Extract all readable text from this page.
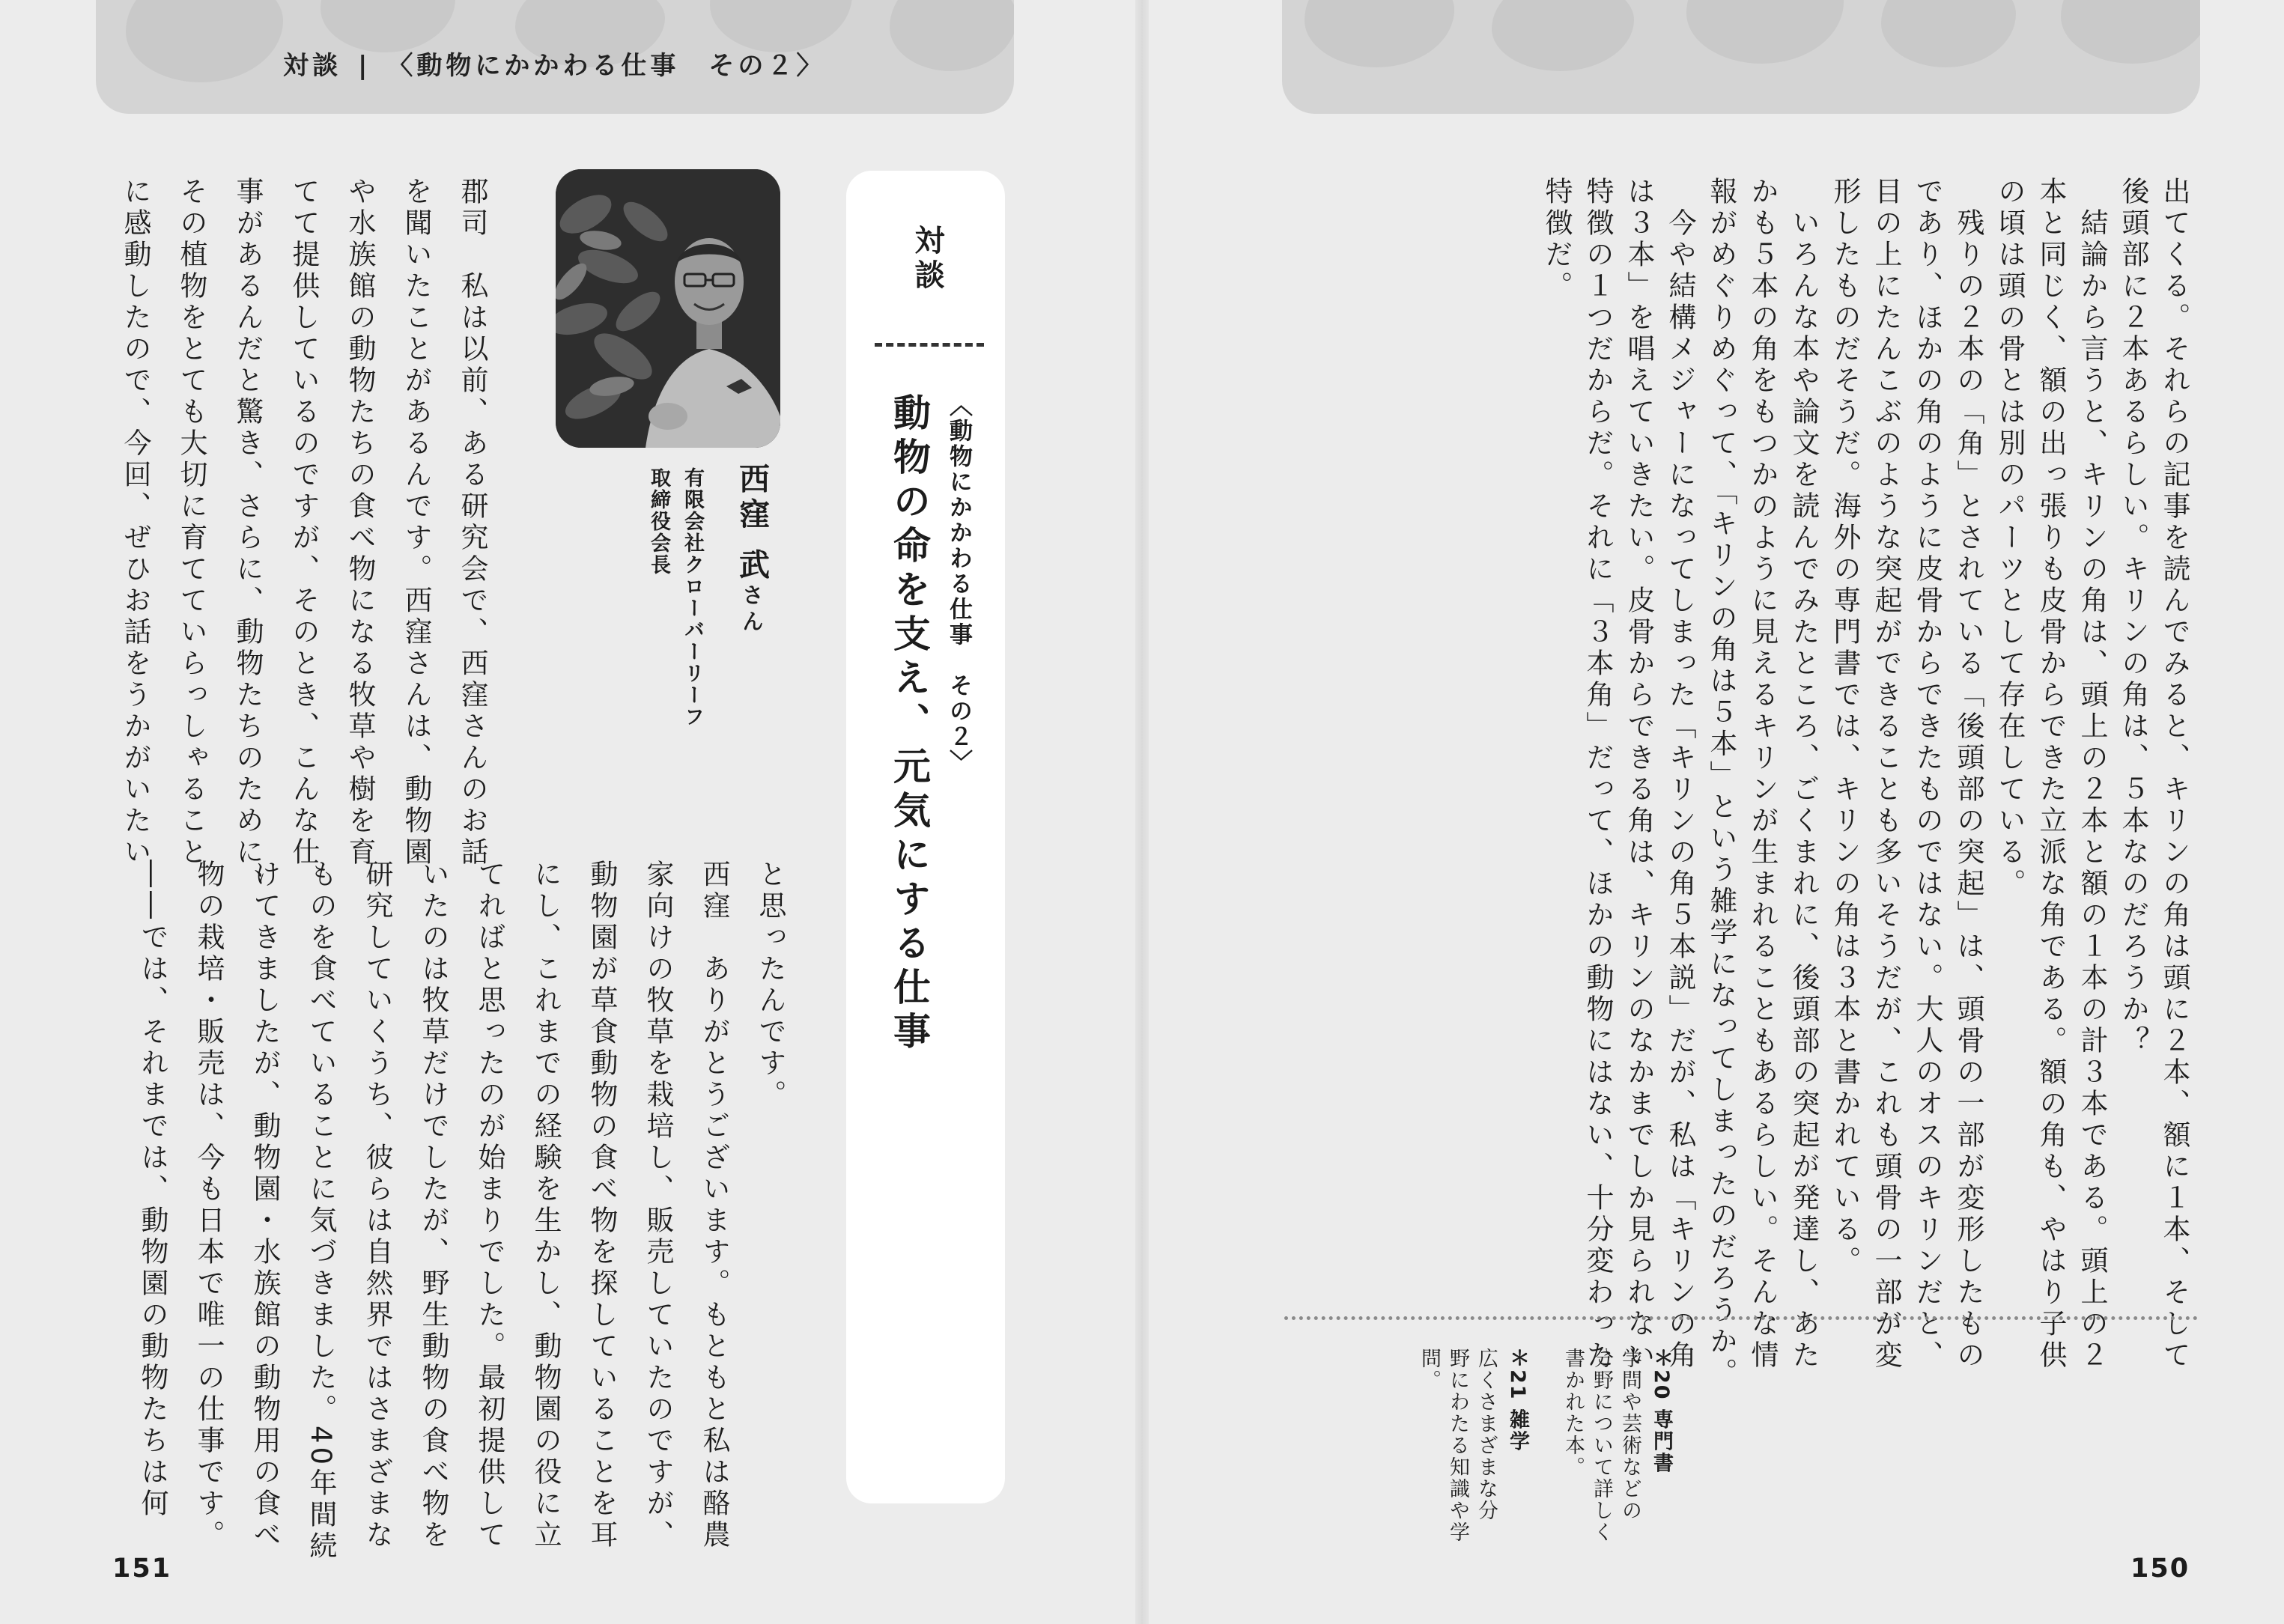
対談 | 〈動物にかかわる仕事　その２〉
出てくる。それらの記事を読んでみると、キリンの角は頭に２本、額に１本、そして
後頭部に２本あるらしい。キリンの角は、５本なのだろうか？
　結論から言うと、キリンの角は、頭上の２本と額の１本の計３本である。頭上の２
本と同じく、額の出っ張りも皮骨からできた立派な角である。額の角も、やはり子供
の頃は頭の骨とは別のパーツとして存在している。
　残りの２本の「角」とされている「後頭部の突起」は、頭骨の一部が変形したもの
であり、ほかの角のように皮骨からできたものではない。大人のオスのキリンだと、
目の上にたんこぶのような突起ができることも多いそうだが、これも頭骨の一部が変
形したものだそうだ。海外の専門書では、キリンの角は３本と書かれている。
　いろんな本や論文を読んでみたところ、ごくまれに、後頭部の突起が発達し、あた
かも５本の角をもつかのように見えるキリンが生まれることもあるらしい。そんな情
報がめぐりめぐって、「キリンの角は５本」という雑学になってしまったのだろうか。
　今や結構メジャーになってしまった「キリンの角５本説」だが、私は「キリンの角
は３本」を唱えていきたい。皮骨からできる角は、キリンのなかまでしか見られない
特徴の１つだからだ。それに「３本角」だって、ほかの動物にはない、十分変わった
特徴だ。
＊20 専門書
学問や芸術などの
分野について詳しく
書かれた本。
＊21 雑学
広くさまざまな分
野にわたる知識や学
問。
150
対談
〈動物にかかわる仕事　その２〉
動物の命を支え、元気にする仕事
西窪 武さん
有限会社クローバーリーフ
取締役会長
郡司　私は以前、ある研究会で、西窪さんのお話
を聞いたことがあるんです。西窪さんは、動物園
や水族館の動物たちの食べ物になる牧草や樹を育
てて提供しているのですが、そのとき、こんな仕
事があるんだと驚き、さらに、動物たちのために、
その植物をとても大切に育てていらっしゃること
に感動したので、今回、ぜひお話をうかがいたい
と思ったんです。
西窪　ありがとうございます。もともと私は酪農
家向けの牧草を栽培し、販売していたのですが、
動物園が草食動物の食べ物を探していることを耳
にし、これまでの経験を生かし、動物園の役に立
てればと思ったのが始まりでした。最初提供して
いたのは牧草だけでしたが、野生動物の食べ物を
研究していくうち、彼らは自然界ではさまざまな
ものを食べていることに気づきました。40年間続
けてきましたが、動物園・水族館の動物用の食べ
物の栽培・販売は、今も日本で唯一の仕事です。
――では、それまでは、動物園の動物たちは何
151
